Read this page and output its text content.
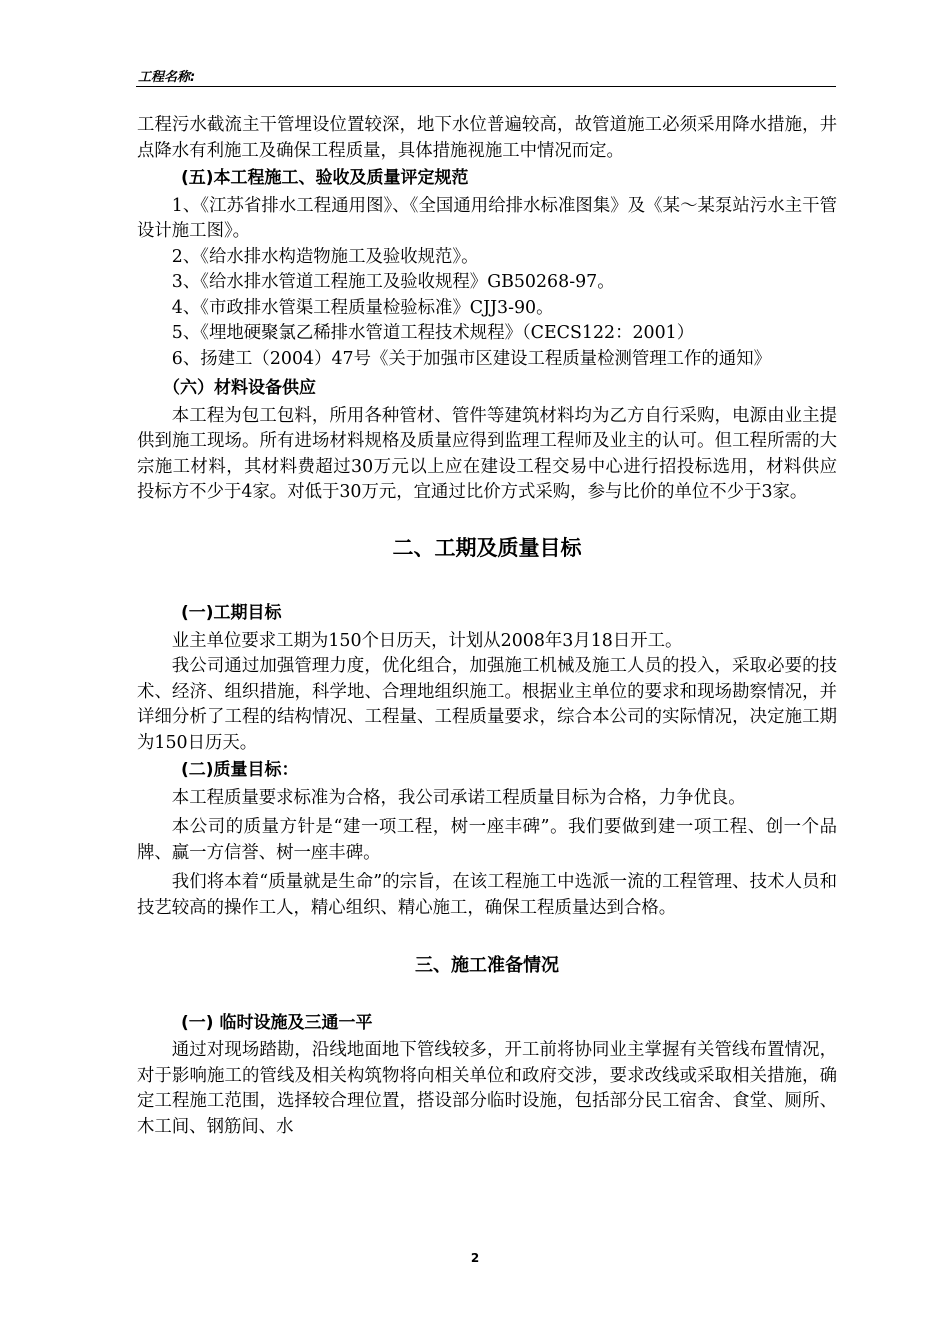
工程名称:

工程污水截流主干管埋设位置较深，地下水位普遍较高，故管道施工必须采用降水措施，井点降水有利施工及确保工程质量，具体措施视施工中情况而定。

(五)本工程施工、验收及质量评定规范

1、《江苏省排水工程通用图》、《全国通用给排水标准图集》及《某～某泵站污水主干管设计施工图》。

2、《给水排水构造物施工及验收规范》。

3、《给水排水管道工程施工及验收规程》GB50268-97。

4、《市政排水管渠工程质量检验标准》CJJ3-90。

5、《埋地硬聚氯乙稀排水管道工程技术规程》（CECS122：2001）

6、扬建工（2004）47号《关于加强市区建设工程质量检测管理工作的通知》

（六）材料设备供应

本工程为包工包料，所用各种管材、管件等建筑材料均为乙方自行采购，电源由业主提供到施工现场。所有进场材料规格及质量应得到监理工程师及业主的认可。但工程所需的大宗施工材料，其材料费超过30万元以上应在建设工程交易中心进行招投标选用，材料供应投标方不少于4家。对低于30万元，宜通过比价方式采购，参与比价的单位不少于3家。

二、工期及质量目标

(一)工期目标

业主单位要求工期为150个日历天，计划从2008年3月18日开工。

我公司通过加强管理力度，优化组合，加强施工机械及施工人员的投入，采取必要的技术、经济、组织措施，科学地、合理地组织施工。根据业主单位的要求和现场勘察情况，并详细分析了工程的结构情况、工程量、工程质量要求，综合本公司的实际情况，决定施工期为150日历天。

(二)质量目标：

本工程质量要求标准为合格，我公司承诺工程质量目标为合格，力争优良。

本公司的质量方针是“建一项工程，树一座丰碑”。我们要做到建一项工程、创一个品牌、赢一方信誉、树一座丰碑。

我们将本着“质量就是生命”的宗旨，在该工程施工中选派一流的工程管理、技术人员和技艺较高的操作工人，精心组织、精心施工，确保工程质量达到合格。

三、施工准备情况

(一) 临时设施及三通一平

通过对现场踏勘，沿线地面地下管线较多，开工前将协同业主掌握有关管线布置情况，对于影响施工的管线及相关构筑物将向相关单位和政府交涉，要求改线或采取相关措施，确定工程施工范围，选择较合理位置，搭设部分临时设施，包括部分民工宿舍、食堂、厕所、木工间、钢筋间、水

2
